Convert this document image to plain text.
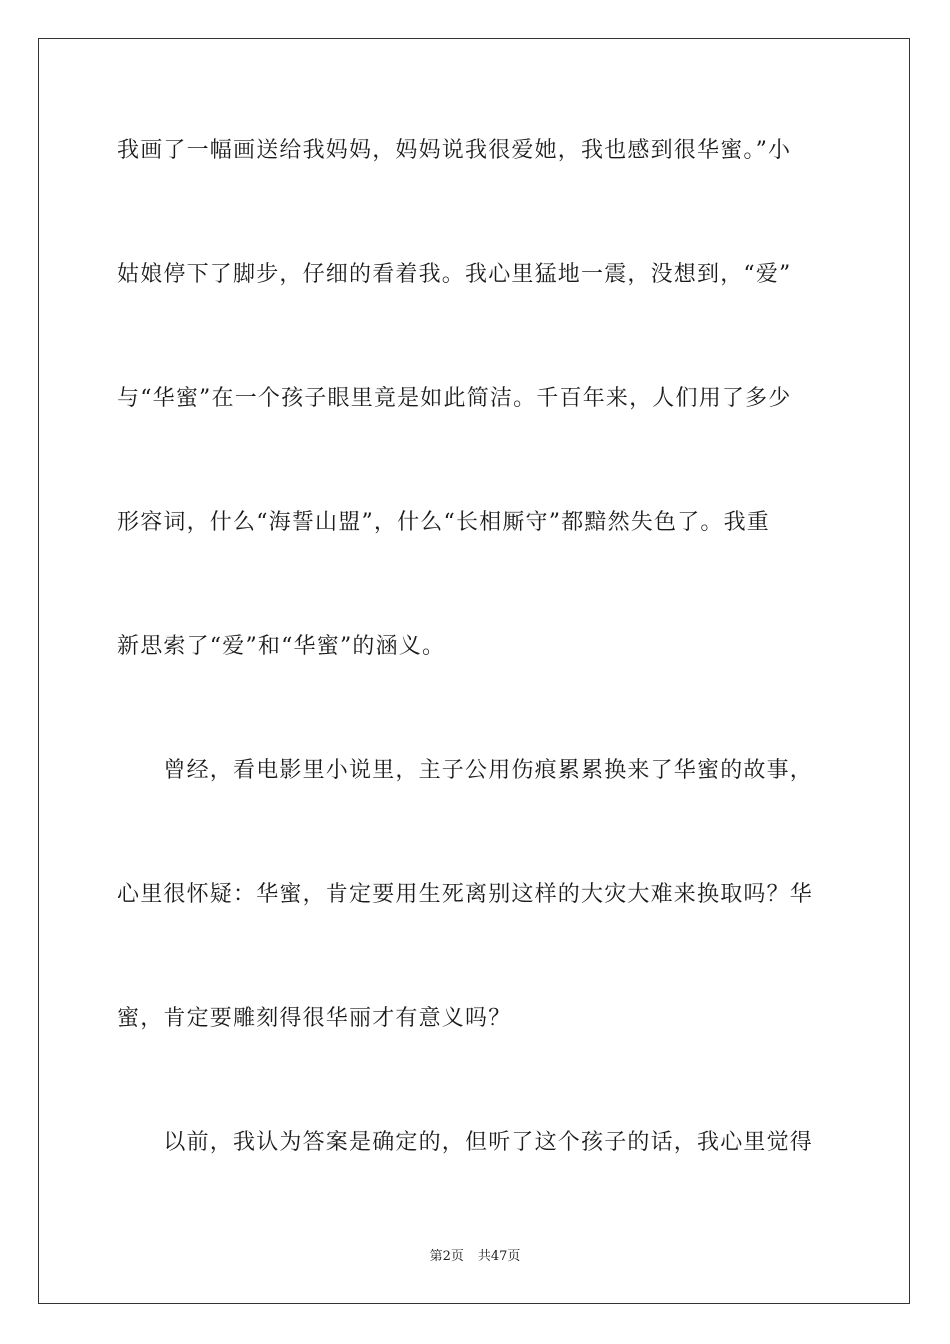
我画了一幅画送给我妈妈，妈妈说我很爱她，我也感到很华蜜。”小
姑娘停下了脚步，仔细的看着我。我心里猛地一震，没想到，“爱”
与“华蜜”在一个孩子眼里竟是如此简洁。千百年来，人们用了多少
形容词，什么“海誓山盟”，什么“长相厮守”都黯然失色了。我重
新思索了“爱”和“华蜜”的涵义。
　　曾经，看电影里小说里，主子公用伤痕累累换来了华蜜的故事，
心里很怀疑：华蜜，肯定要用生死离别这样的大灾大难来换取吗？华
蜜，肯定要雕刻得很华丽才有意义吗？
　　以前，我认为答案是确定的，但听了这个孩子的话，我心里觉得
第2页 共47页
